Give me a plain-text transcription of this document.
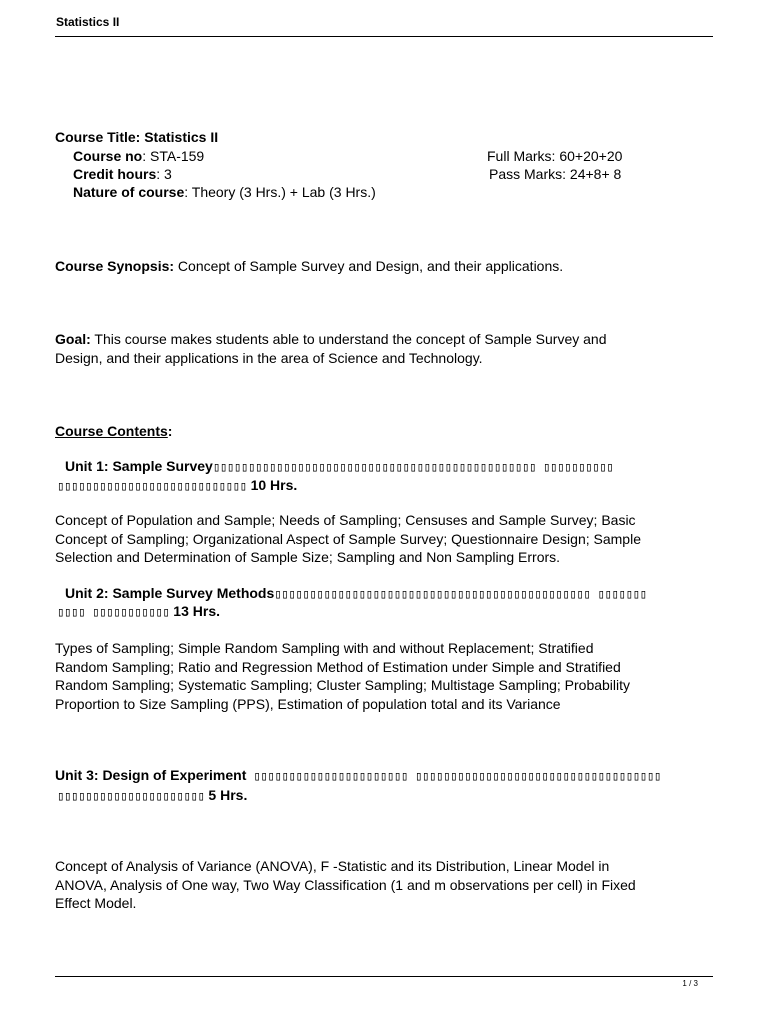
Statistics II
Course Title: Statistics II
Course no: STA-159
Credit hours: 3
Nature of course: Theory (3 Hrs.) + Lab (3 Hrs.)
Full Marks: 60+20+20
Pass Marks: 24+8+ 8
Course Synopsis: Concept of Sample Survey and Design, and their applications.
Goal: This course makes students able to understand the concept of Sample Survey and
Design, and their applications in the area of Science and Technology.
Course Contents:
Unit 1: Sample Survey▯▯▯▯▯▯▯▯▯▯▯▯▯▯▯▯▯▯▯▯▯▯▯▯▯▯▯▯▯▯▯▯▯▯▯▯▯▯▯▯▯▯▯▯▯▯ ▯▯▯▯▯▯▯▯▯▯
▯▯▯▯▯▯▯▯▯▯▯▯▯▯▯▯▯▯▯▯▯▯▯▯▯▯▯ 10 Hrs.
Concept of Population and Sample; Needs of Sampling; Censuses and Sample Survey; Basic
Concept of Sampling; Organizational Aspect of Sample Survey; Questionnaire Design; Sample
Selection and Determination of Sample Size; Sampling and Non Sampling Errors.
Unit 2: Sample Survey Methods▯▯▯▯▯▯▯▯▯▯▯▯▯▯▯▯▯▯▯▯▯▯▯▯▯▯▯▯▯▯▯▯▯▯▯▯▯▯▯▯▯▯▯▯▯ ▯▯▯▯▯▯▯
▯▯▯▯ ▯▯▯▯▯▯▯▯▯▯▯ 13 Hrs.
Types of Sampling; Simple Random Sampling with and without Replacement; Stratified
Random Sampling; Ratio and Regression Method of Estimation under Simple and Stratified
Random Sampling; Systematic Sampling; Cluster Sampling; Multistage Sampling; Probability
Proportion to Size Sampling (PPS), Estimation of population total and its Variance
Unit 3: Design of Experiment ▯▯▯▯▯▯▯▯▯▯▯▯▯▯▯▯▯▯▯▯▯▯ ▯▯▯▯▯▯▯▯▯▯▯▯▯▯▯▯▯▯▯▯▯▯▯▯▯▯▯▯▯▯▯▯▯▯▯
▯▯▯▯▯▯▯▯▯▯▯▯▯▯▯▯▯▯▯▯▯ 5 Hrs.
Concept of Analysis of Variance (ANOVA), F -Statistic and its Distribution, Linear Model in
ANOVA, Analysis of One way, Two Way Classification (1 and m observations per cell) in Fixed
Effect Model.
1 / 3
